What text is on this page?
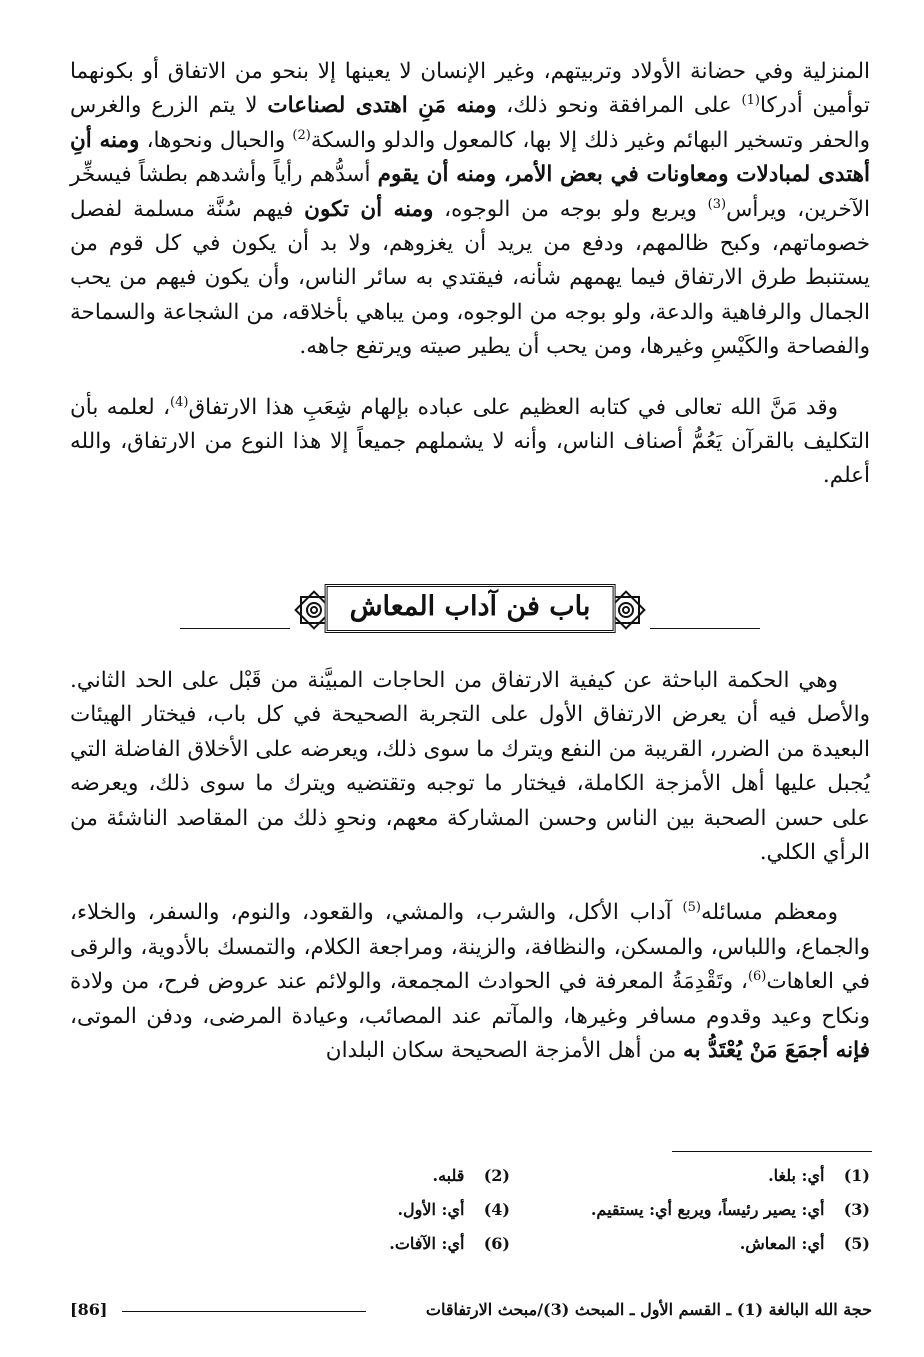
المنزلية وفي حضانة الأولاد وتربيتهم، وغير الإنسان لا يعينها إلا بنحو من الاتفاق أو بكونهما توأمين أدركا$^{(1)}$ على المرافقة ونحو ذلك، ومنه مَنِ اهتدى لصناعات لا يتم الزرع والغرس والحفر وتسخير البهائم وغير ذلك إلا بها، كالمعول والدلو والسكة$^{(2)}$ والحبال ونحوها، ومنه أنِ أهتدى لمبادلات ومعاونات في بعض الأمر، ومنه أن يقوم أسدُّهم رأياً وأشدهم بطشاً فيسخِّر الآخرين، ويرأس$^{(3)}$ ويربع ولو بوجه من الوجوه، ومنه أن تكون فيهم سُنَّة مسلمة لفصل خصوماتهم، وكبح ظالمهم، ودفع من يريد أن يغزوهم، ولا بد أن يكون في كل قوم من يستنبط طرق الارتفاق فيما يهمهم شأنه، فيقتدي به سائر الناس، وأن يكون فيهم من يحب الجمال والرفاهية والدعة، ولو بوجه من الوجوه، ومن يباهي بأخلاقه، من الشجاعة والسماحة والفصاحة والكَيْسِ وغيرها، ومن يحب أن يطير صيته ويرتفع جاهه.

وقد مَنَّ الله تعالى في كتابه العظيم على عباده بإلهام شِعَبِ هذا الارتفاق$^{(4)}$، لعلمه بأن التكليف بالقرآن يَعُمُّ أصناف الناس، وأنه لا يشملهم جميعاً إلا هذا النوع من الارتفاق، والله أعلم.

باب فن آداب المعاش

وهي الحكمة الباحثة عن كيفية الارتفاق من الحاجات المبيَّنة من قَبْل على الحد الثاني. والأصل فيه أن يعرض الارتفاق الأول على التجربة الصحيحة في كل باب، فيختار الهيئات البعيدة من الضرر، القريبة من النفع ويترك ما سوى ذلك، ويعرضه على الأخلاق الفاضلة التي يُجبل عليها أهل الأمزجة الكاملة، فيختار ما توجبه وتقتضيه ويترك ما سوى ذلك، ويعرضه على حسن الصحبة بين الناس وحسن المشاركة معهم، ونحوِ ذلك من المقاصد الناشئة من الرأي الكلي.

ومعظم مسائله$^{(5)}$ آداب الأكل، والشرب، والمشي، والقعود، والنوم، والسفر، والخلاء، والجماع، واللباس، والمسكن، والنظافة، والزينة، ومراجعة الكلام، والتمسك بالأدوية، والرقى في العاهات$^{(6)}$، وتَقْدِمَةُ المعرفة في الحوادث المجمعة، والولائم عند عروض فرح، من ولادة ونكاح وعيد وقدوم مسافر وغيرها، والمآتم عند المصائب، وعيادة المرضى، ودفن الموتى، فإنه أجمَعَ مَنْ يُعْتَدُّ به من أهل الأمزجة الصحيحة سكان البلدان

(1) أي: بلغا.
(2) قلبه.
(3) أي: يصير رئيساً، ويربع أي: يستقيم.
(4) أي: الأول.
(5) أي: المعاش.
(6) أي: الآفات.
حجة الله البالغة (1) ـ القسم الأول ـ المبحث (3)/مبحث الارتفاقات
[86]
